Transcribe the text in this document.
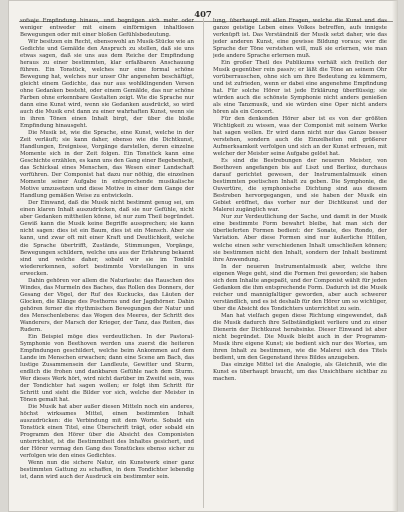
407

sofsaje Empfindung hinaus, und begnügen sich mehr oder weniger entweder mit einem einförmigen inhaltlosen Bewegungen oder mit einer bloßen Gefühlsbedeutung.

Wir besitzen ein Recht, ebensowohl an Musik-Stücke wie an Gedichte und Gemälde den Anspruch zu stellen, daß sie uns etwas sagen, daß sie uns aus dem Reiche der Empfindung heraus zu einer bestimmten, klar erfaßbaren Anschauung führen. Ein Tonstück, welches nur eine formal schöne Bewegung hat, welches nur unser Ohr angenehm beschäftigt, gleicht einem Gedichte, das nur aus wohlklingenden Versen ohne Gedanken besteht, oder einem Gemälde, das nur schöne Farben ohne erkennbare Gestalten zeigt. Wie die Sprache nur dann eine Kunst wird, wenn sie Gedanken ausdrückt, so wird auch die Musik erst dann zu einer wahrhaften Kunst, wenn sie in ihren Tönen einen Inhalt birgt, der über die bloße Empfindung hinausgeht.

Die Musik ist, wie die Sprache, eine Kunst, welche in der Zeit verläuft; sie kann daher, ebenso wie die Dichtkunst, Handlungen, Ereignisse, Vorgänge darstellen, deren einzelne Momente sich in der Zeit folgen. Ein Tonstück kann eine Geschichte erzählen, es kann uns den Gang einer Begebenheit, das Schicksal eines Menschen, das Wesen einer Landschaft vorführen. Der Componist hat dazu nur nöthig, die einzelnen Momente seiner Aufgabe in entsprechende musikalische Motive umzusetzen und diese Motive in einer dem Gange der Handlung gemäßen Weise zu entwickeln.

Der Einwand, daß die Musik nicht bestimmt genug sei, um einen klaren Inhalt auszudrücken, daß sie nur Gefühle, nicht aber Gedanken mittheilen könne, ist nur zum Theil begründet. Gewiß kann die Musik keine Begriffe aussprechen; sie kann nicht sagen: dies ist ein Baum, dies ist ein Mensch. Aber sie kann, und zwar oft mit einer Kraft und Deutlichkeit, welche die Sprache übertrifft, Zustände, Stimmungen, Vorgänge, Bewegungen schildern, welche uns aus der Erfahrung bekannt sind und welche daher, sobald wir sie im Tonbild wiedererkennen, sofort bestimmte Vorstellungen in uns erwecken.

Dahin gehören vor allem die Naturlaute: das Rauschen des Windes, das Murmeln des Baches, das Rollen des Donners, der Gesang der Vögel, der Ruf des Kuckucks, das Läuten der Glocken, die Klänge des Posthorns und der Jagdhörner. Dahin gehören ferner die rhythmischen Bewegungen der Natur und des Menschenlebens: das Wogen des Meeres, der Schritt des Wanderers, der Marsch der Krieger, der Tanz, das Reiten, das Rudern.

Ein Beispiel möge dies verdeutlichen. In der Pastoral-Symphonie von Beethoven werden uns zuerst die heiteren Empfindungen geschildert, welche beim Ankommen auf dem Lande im Menschen erwachen; dann eine Scene am Bach, das lustige Zusammensein der Landleute, Gewitter und Sturm, endlich die frohen und dankbaren Gefühle nach dem Sturm. Wer dieses Werk hört, wird nicht darüber im Zweifel sein, was der Tondichter hat sagen wollen; er folgt ihm Schritt für Schritt und sieht die Bilder vor sich, welche der Meister in Tönen gemalt hat.

Die Musik hat aber außer diesen Mitteln noch ein anderes, höchst wirksames Mittel, einen bestimmten Inhalt auszudrücken: die Verbindung mit dem Worte. Sobald ein Tonstück einen Titel, eine Überschrift trägt, oder sobald ein Programm den Hörer über die Absicht des Componisten unterrichtet, ist die Bestimmtheit des Inhaltes gesichert, und der Hörer vermag den Gang des Tonstückes ebenso sicher zu verfolgen wie den eines Gedichtes.

Wenn nun die sichere Natur, ein Kunstwerk einer ganz bestimmten Gattung zu schaffen, in dem Tondichter lebendig ist, dann wird auch der Ausdruck ein bestimmter sein.

lung, überhaupt mit allen Fragen, welche die Kunst und das ganze geistige Leben eines Volkes betreffen, aufs innigste verknüpft ist. Das Verständniß der Musik setzt daher, wie das jeder anderen Kunst, eine gewisse Bildung voraus; wer die Sprache der Töne verstehen will, muß sie erlernen, wie man jede andere Sprache erlernen muß.

Ein großer Theil des Publikums verhält sich freilich der Musik gegenüber rein passiv; er läßt die Töne an seinem Ohr vorüberrauschen, ohne sich um ihre Bedeutung zu kümmern, und ist zufrieden, wenn er dabei eine angenehme Empfindung hat. Für solche Hörer ist jede Erklärung überflüssig; sie würden auch die schönste Symphonie nicht anders genießen als eine Tanzmusik, und sie würden eine Oper nicht anders hören als ein Concert.

Für den denkenden Hörer aber ist es von der größten Wichtigkeit zu wissen, was der Componist mit seinem Werke hat sagen wollen. Er wird dann nicht nur das Ganze besser verstehen, sondern auch die Einzelheiten mit größerer Aufmerksamkeit verfolgen und sich an der Kunst erfreuen, mit welcher der Meister seine Aufgabe gelöst hat.

Es sind die Bestrebungen der neueren Meister, von Beethoven angefangen bis auf Liszt und Berlioz, durchaus darauf gerichtet gewesen, der Instrumentalmusik einen bestimmten poetischen Inhalt zu geben. Die Symphonie, die Ouvertüre, die symphonische Dichtung sind aus diesem Bestreben hervorgegangen, und sie haben der Musik ein Gebiet eröffnet, das vorher nur der Dichtkunst und der Malerei zugänglich war.

Nur zur Verdeutlichung der Sache, und damit in der Musik eine bestimmte Form bewahrt bleibe, hat man sich der überlieferten Formen bedient: der Sonate, des Rondo, der Variation. Aber diese Formen sind nur äußerliche Hüllen, welche einen sehr verschiedenen Inhalt umschließen können; sie bestimmen nicht den Inhalt, sondern der Inhalt bestimmt ihre Anwendung.

In der neueren Instrumentalmusik aber, welche ihre eigenen Wege geht, sind die Formen frei geworden; sie haben sich dem Inhalte angepaßt, und der Componist wählt für jeden Gedanken die ihm entsprechende Form. Dadurch ist die Musik reicher und mannigfaltiger geworden, aber auch schwerer verständlich, und es ist deshalb für den Hörer um so wichtiger, über die Absicht des Tondichters unterrichtet zu sein.

Man hat vielfach gegen diese Richtung eingewendet, daß die Musik dadurch ihre Selbständigkeit verliere und zu einer Dienerin der Dichtkunst herabsinke. Dieser Einwand ist aber nicht begründet. Die Musik bleibt auch in der Programm-Musik ihre eigene Kunst; sie bedient sich nur des Wortes, um ihren Inhalt zu bestimmen, wie die Malerei sich des Titels bedient, um den Gegenstand ihres Bildes anzugeben.

Das einzige Mittel ist die Analogie, als Gleichniß, wie die Kunst es überhaupt braucht, um das Unsichtbare sichtbar zu machen.
